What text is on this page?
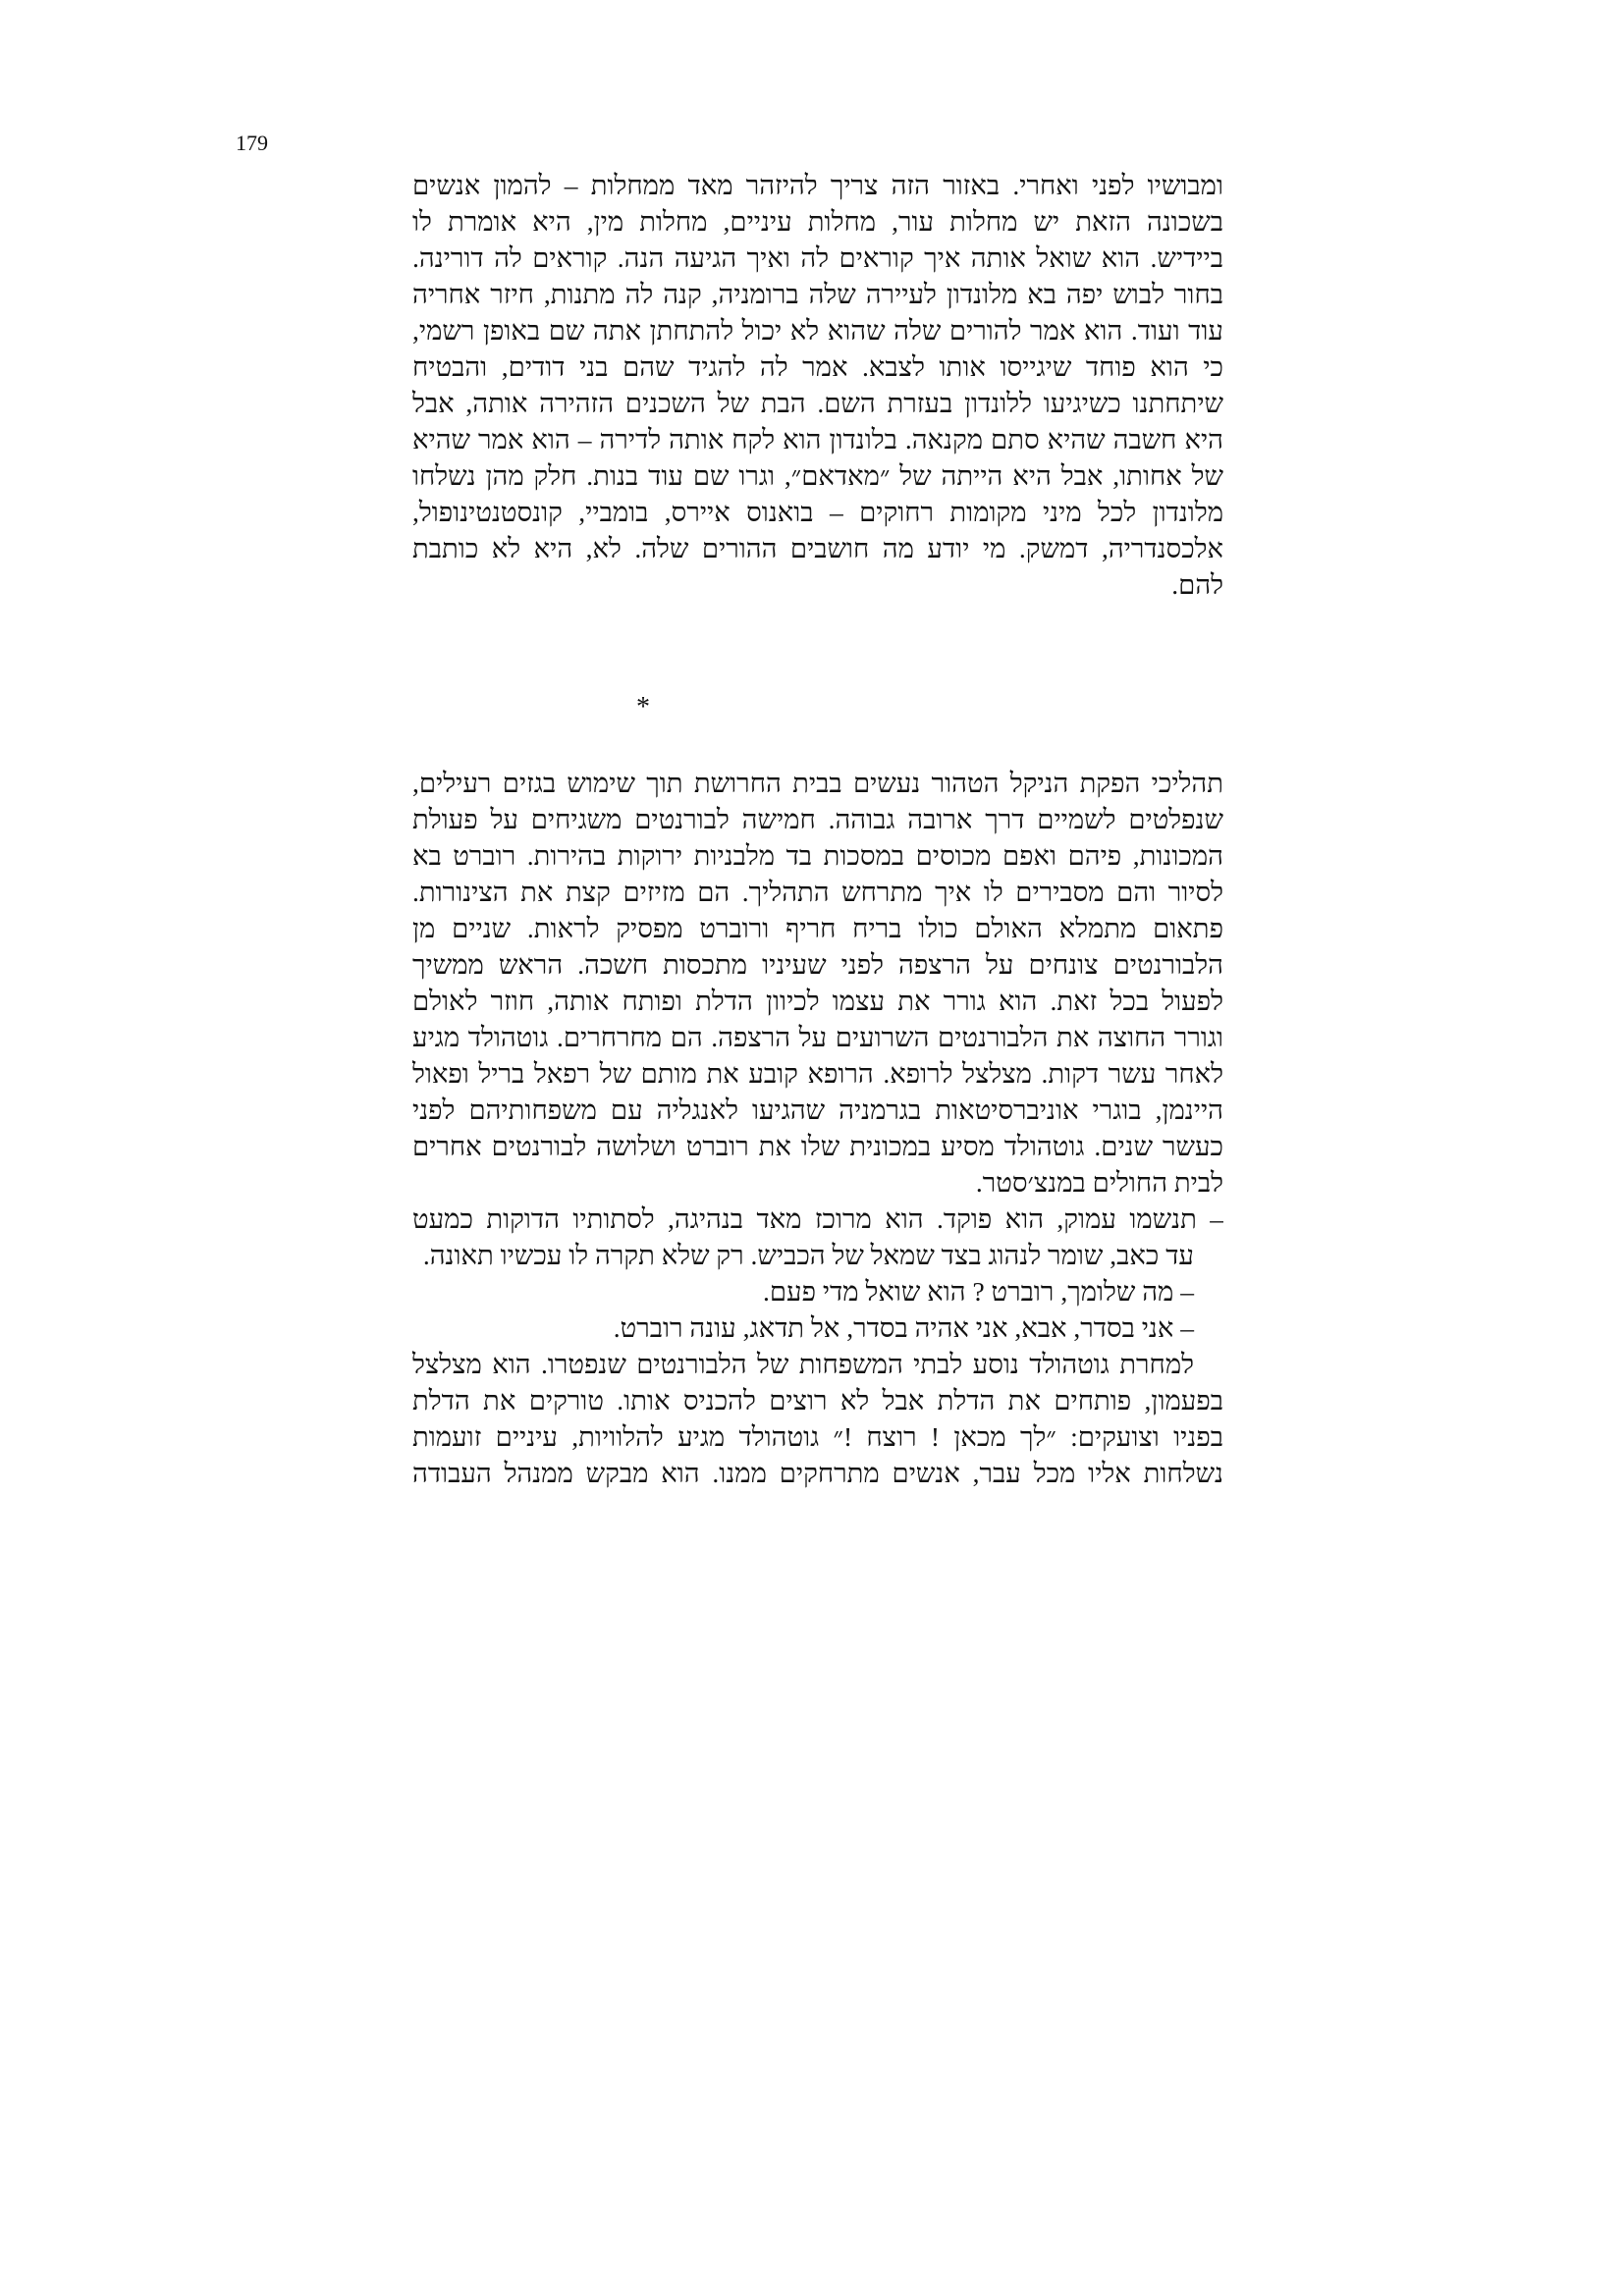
179
ומבושיו לפני ואחרי. באזור הזה צריך להיזהר מאד ממחלות – להמון אנשים
בשכונה הזאת יש מחלות עור, מחלות עיניים, מחלות מין, היא אומרת לו
ביידיש. הוא שואל אותה איך קוראים לה ואיך הגיעה הנה. קוראים לה דורינה.
בחור לבוש יפה בא מלונדון לעיירה שלה ברומניה, קנה לה מתנות, חיזר אחריה
עוד ועוד. הוא אמר להורים שלה שהוא לא יכול להתחתן אתה שם באופן רשמי,
כי הוא פוחד שיגייסו אותו לצבא. אמר לה להגיד שהם בני דודים, והבטיח
שיתחתנו כשיגיעו ללונדון בעזרת השם. הבת של השכנים הזהירה אותה, אבל
היא חשבה שהיא סתם מקנאה. בלונדון הוא לקח אותה לדירה – הוא אמר שהיא
של אחותו, אבל היא הייתה של ״מאדאם״, וגרו שם עוד בנות. חלק מהן נשלחו
מלונדון לכל מיני מקומות רחוקים – בואנוס איירס, בומביי, קונסטנטינופול,
אלכסנדריה, דמשק. מי יודע מה חושבים ההורים שלה. לא, היא לא כותבת
להם.
*
תהליכי הפקת הניקל הטהור נעשים בבית החרושת תוך שימוש בגזים רעילים,
שנפלטים לשמיים דרך ארובה גבוהה. חמישה לבורנטים משגיחים על פעולת
המכונות, פיהם ואפם מכוסים במסכות בד מלבניות ירוקות בהירות. רוברט בא
לסיור והם מסבירים לו איך מתרחש התהליך. הם מזיזים קצת את הצינורות.
פתאום מתמלא האולם כולו בריח חריף ורוברט מפסיק לראות. שניים מן
הלבורנטים צונחים על הרצפה לפני שעיניו מתכסות חשכה. הראש ממשיך
לפעול בכל זאת. הוא גורר את עצמו לכיוון הדלת ופותח אותה, חוזר לאולם
וגורר החוצה את הלבורנטים השרועים על הרצפה. הם מחרחרים. גוטהולד מגיע
לאחר עשר דקות. מצלצל לרופא. הרופא קובע את מותם של רפאל בריל ופאול
היינמן, בוגרי אוניברסיטאות בגרמניה שהגיעו לאנגליה עם משפחותיהם לפני
כעשר שנים. גוטהולד מסיע במכונית שלו את רוברט ושלושה לבורנטים אחרים
לבית החולים במנצ׳סטר.
– תנשמו עמוק, הוא פוקד. הוא מרוכז מאד בנהיגה, לסתותיו הדוקות כמעט
עד כאב, שומר לנהוג בצד שמאל של הכביש. רק שלא תקרה לו עכשיו תאונה.
– מה שלומך, רוברט ? הוא שואל מדי פעם.
– אני בסדר, אבא, אני אהיה בסדר, אל תדאג, עונה רוברט.
למחרת גוטהולד נוסע לבתי המשפחות של הלבורנטים שנפטרו. הוא מצלצל
בפעמון, פותחים את הדלת אבל לא רוצים להכניס אותו. טורקים את הדלת
בפניו וצועקים: ״לך מכאן ! רוצח !״ גוטהולד מגיע להלוויות, עיניים זועמות
נשלחות אליו מכל עבר, אנשים מתרחקים ממנו. הוא מבקש ממנהל העבודה
